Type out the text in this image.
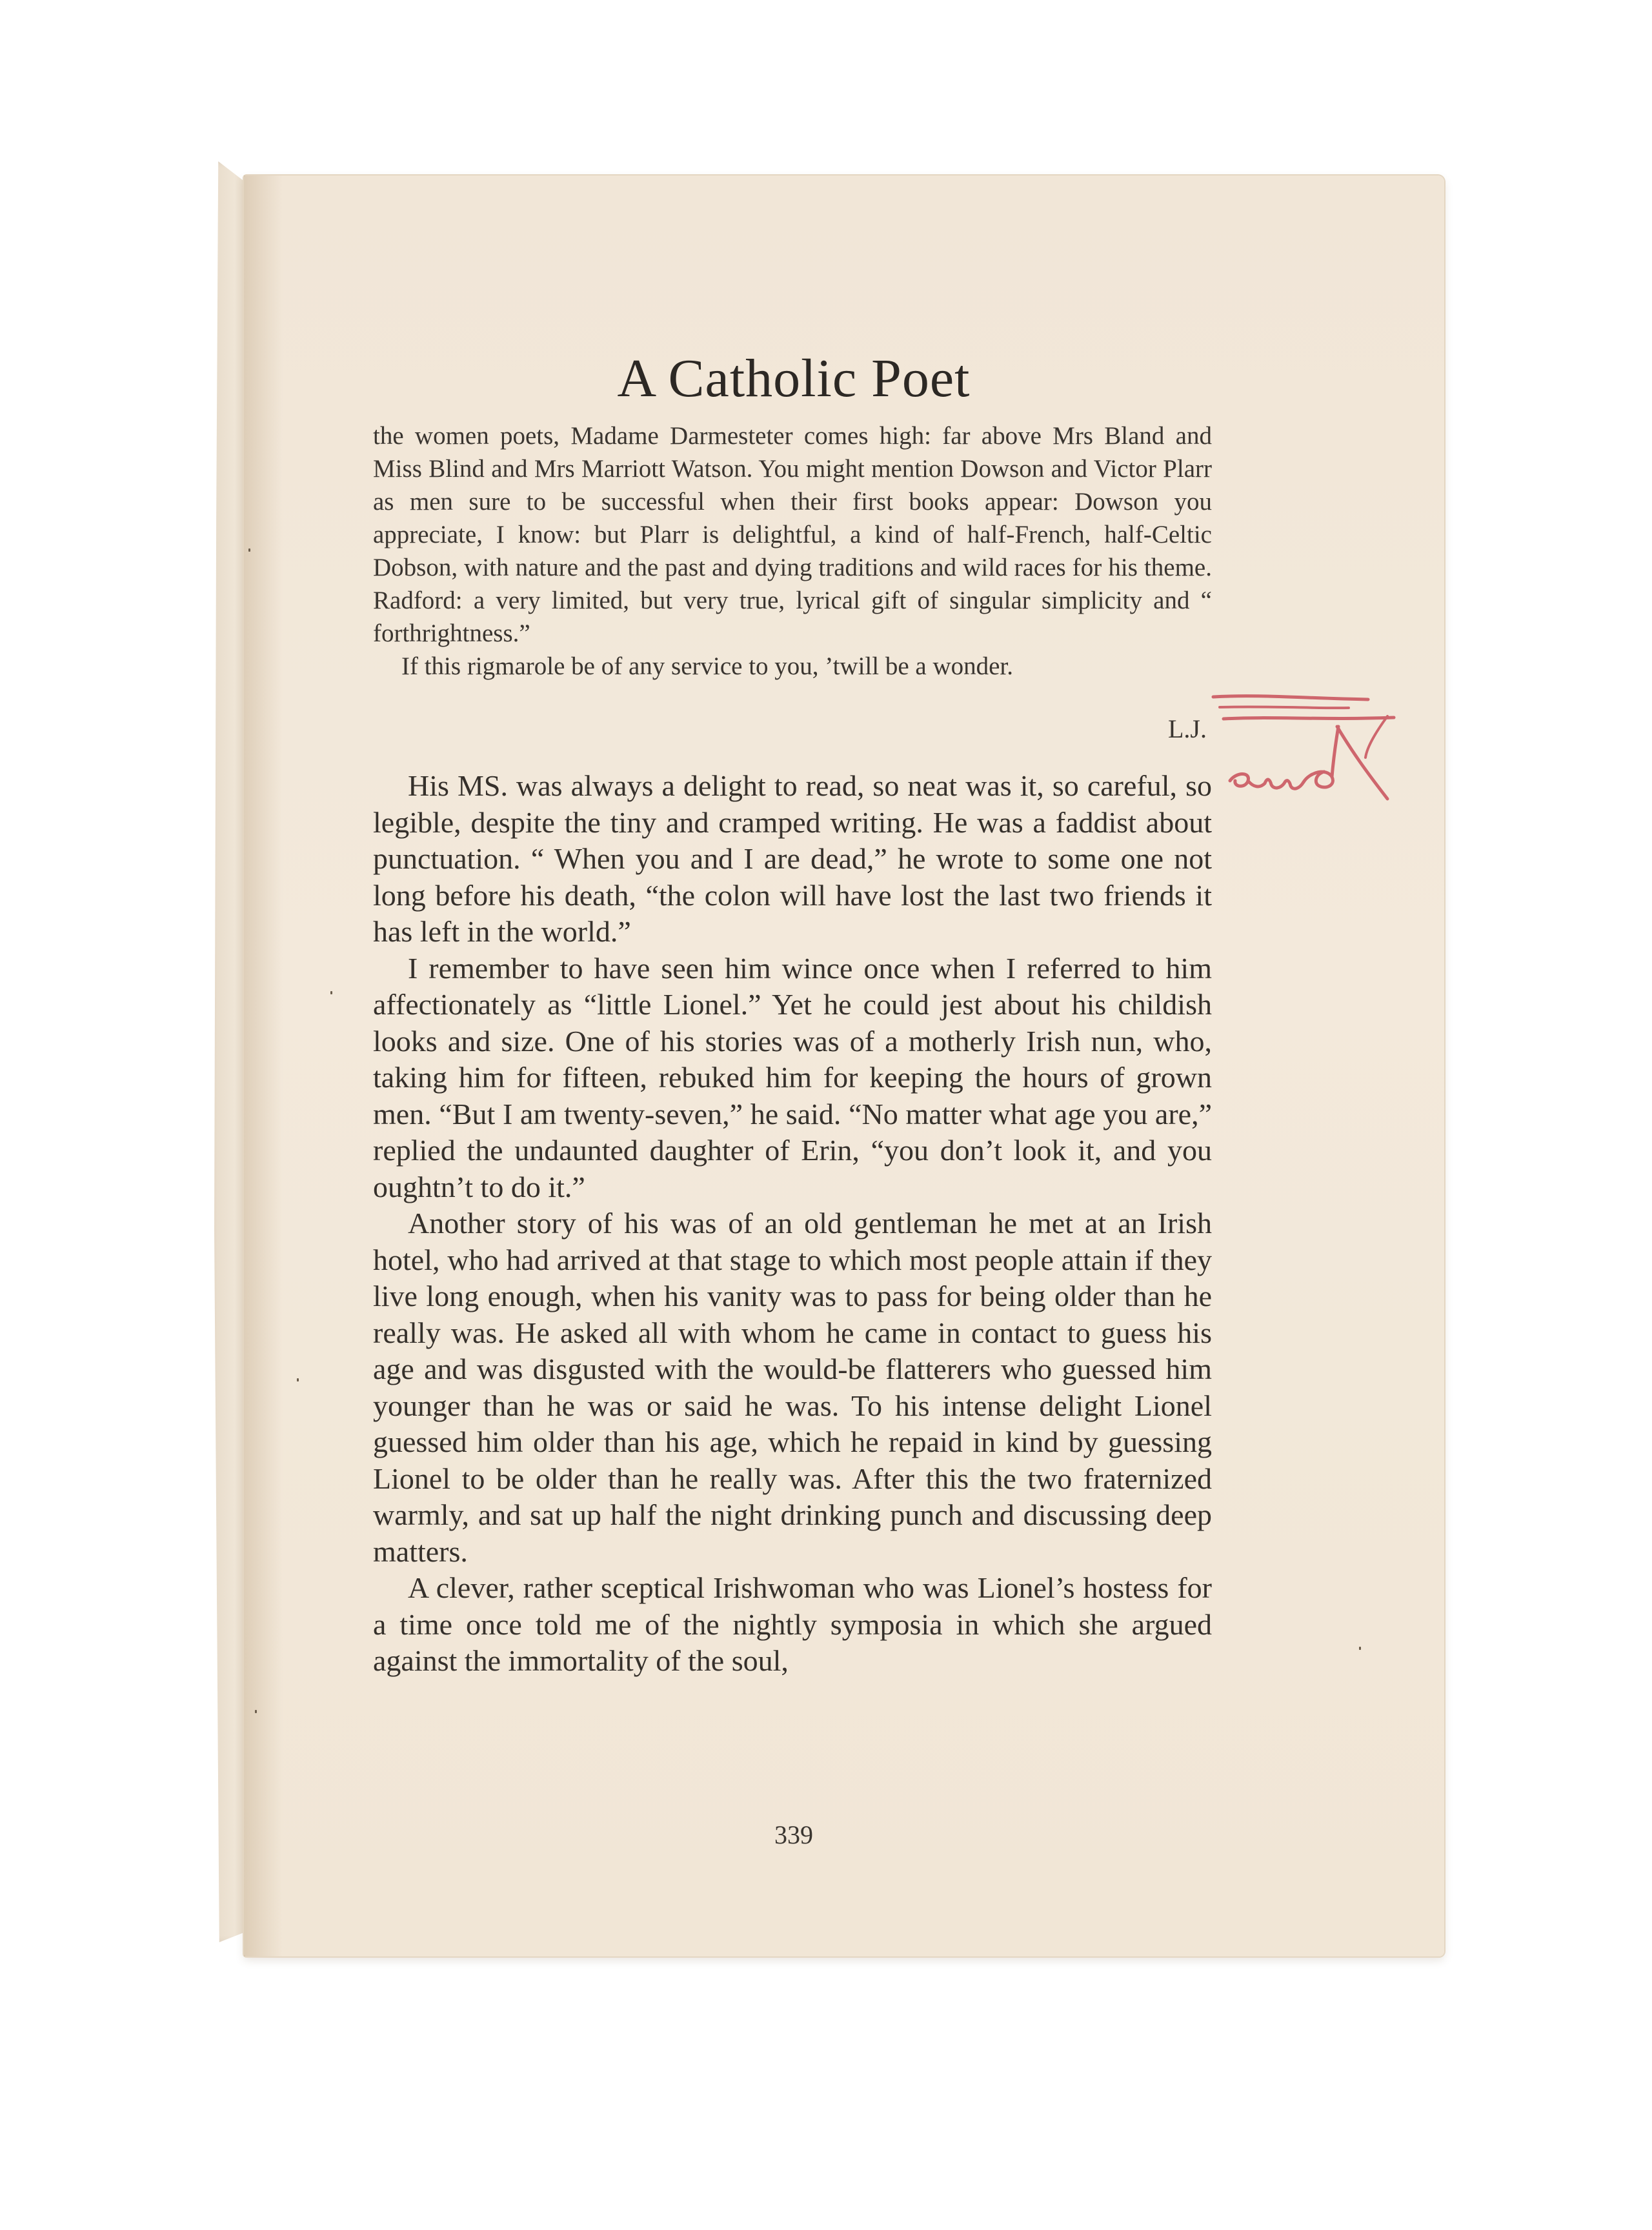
A Catholic Poet

the women poets, Madame Darmesteter comes high: far above Mrs Bland and Miss Blind and Mrs Marriott Watson. You might mention Dowson and Victor Plarr as men sure to be successful when their first books appear: Dowson you appreciate, I know: but Plarr is delightful, a kind of half-French, half-Celtic Dobson, with nature and the past and dying traditions and wild races for his theme. Radford: a very limited, but very true, lyrical gift of singular simplicity and “ forthrightness.”

If this rigmarole be of any service to you, ’twill be a wonder.

L.J.

His MS. was always a delight to read, so neat was it, so careful, so legible, despite the tiny and cramped writing. He was a faddist about punctuation. “ When you and I are dead,” he wrote to some one not long before his death, “the colon will have lost the last two friends it has left in the world.”

I remember to have seen him wince once when I referred to him affectionately as “little Lionel.” Yet he could jest about his childish looks and size. One of his stories was of a motherly Irish nun, who, taking him for fifteen, rebuked him for keeping the hours of grown men. “But I am twenty-seven,” he said. “No matter what age you are,” replied the undaunted daughter of Erin, “you don’t look it, and you oughtn’t to do it.”

Another story of his was of an old gentleman he met at an Irish hotel, who had arrived at that stage to which most people attain if they live long enough, when his vanity was to pass for being older than he really was. He asked all with whom he came in contact to guess his age and was disgusted with the would-be flatterers who guessed him younger than he was or said he was. To his intense delight Lionel guessed him older than his age, which he repaid in kind by guessing Lionel to be older than he really was. After this the two fraternized warmly, and sat up half the night drinking punch and discussing deep matters.

A clever, rather sceptical Irishwoman who was Lionel’s hostess for a time once told me of the nightly symposia in which she argued against the immortality of the soul,

339
